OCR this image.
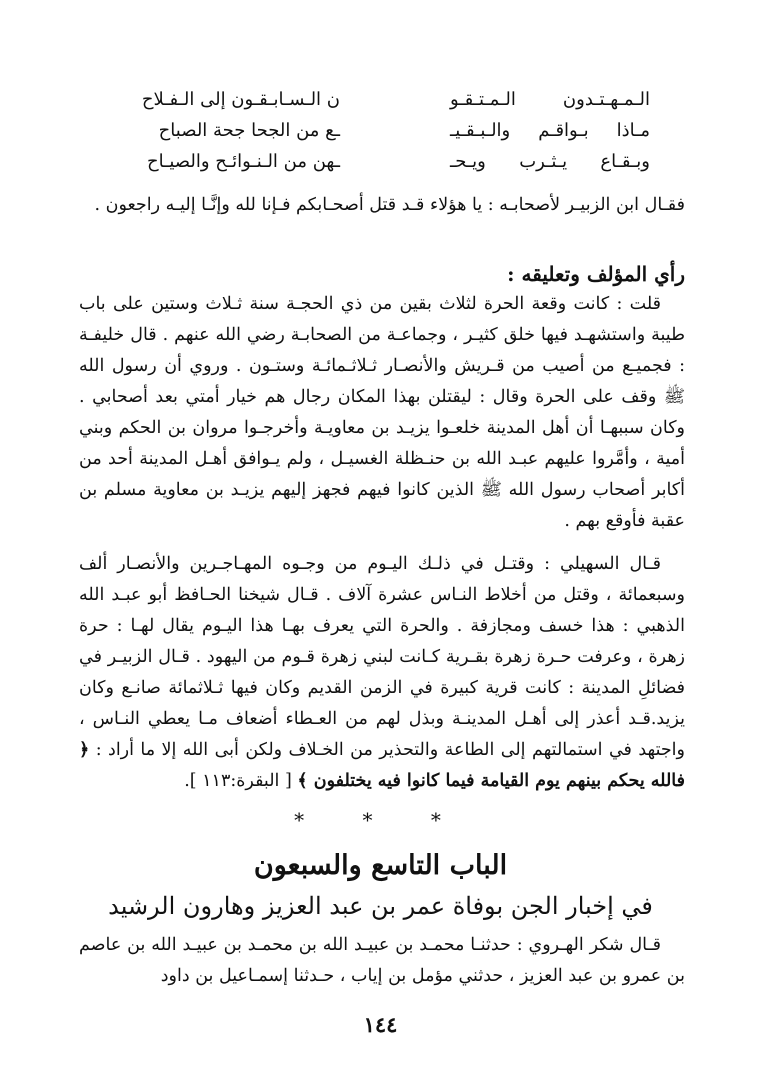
الـمـهـتـدون الـمـتـقـو
ن الـسـابـقـون إلى الـفـلاح
مـاذا بـواقـم والـبـقـيـ
ـع من الجحا جحة الصباح
وبـقـاع يـثـرب ويـحـ
ـهن من الـنـوائـح والصيـاح

فقـال ابن الزبيـر لأصحابـه : يا هؤلاء قـد قتل أصحـابكم فـإنا لله وإنَّـا إليـه راجعون .

رأي المؤلف وتعليقه :

قلت : كانت وقعة الحرة لثلاث بقين من ذي الحجـة سنة ثـلاث وستين على باب طيبة واستشهـد فيها خلق كثيـر ، وجماعـة من الصحابـة رضي الله عنهم . قال خليفـة : فجميـع من أصيب من قـريش والأنصـار ثـلاثـمائـة وستـون . وروي أن رسول الله ﷺ وقف على الحرة وقال : ليقتلن بهذا المكان رجال هم خيار أمتي بعد أصحابي . وكان سببهـا أن أهل المدينة خلعـوا يزيـد بن معاويـة وأخرجـوا مروان بن الحكم وبني أمية ، وأمَّروا عليهم عبـد الله بن حنـظلة الغسيـل ، ولم يـوافق أهـل المدينة أحد من أكابر أصحاب رسول الله ﷺ الذين كانوا فيهم فجهز إليهم يزيـد بن معاوية مسلم بن عقبة فأوقع بهم .

قـال السهيلي : وقتـل في ذلـك اليـوم من وجـوه المهـاجـرين والأنصـار ألف وسبعمائة ، وقتل من أخلاط النـاس عشرة آلاف . قـال شيخنا الحـافظ أبو عبـد الله الذهبي : هذا خسف ومجازفة . والحرة التي يعرف بهـا هذا اليـوم يقال لهـا : حرة زهرة ، وعرفت حـرة زهرة بقـرية كـانت لبني زهرة قـوم من اليهود . قـال الزبيـر في فضائلِ المدينة : كانت قرية كبيرة في الزمن القديم وكان فيها ثـلاثمائة صانـع وكان يزيد.قـد أعذر إلى أهـل المدينـة وبذل لهم من العـطاء أضعاف مـا يعطي النـاس ، واجتهد في استمالتهم إلى الطاعة والتحذير من الخـلاف ولكن أبى الله إلا ما أراد : ﴿ فالله يحكم بينهم يوم القيامة فيما كانوا فيه يختلفون ﴾ [ البقرة:١١٣ ].

* * *
الباب التاسع والسبعون
في إخبار الجن بوفاة عمر بن عبد العزيز وهارون الرشيد

قـال شكر الهـروي : حدثنـا محمـد بن عبيـد الله بن محمـد بن عبيـد الله بن عاصم بن عمرو بن عبد العزيز ، حدثني مؤمل بن إياب ، حـدثنا إسمـاعيل بن داود

١٤٤
